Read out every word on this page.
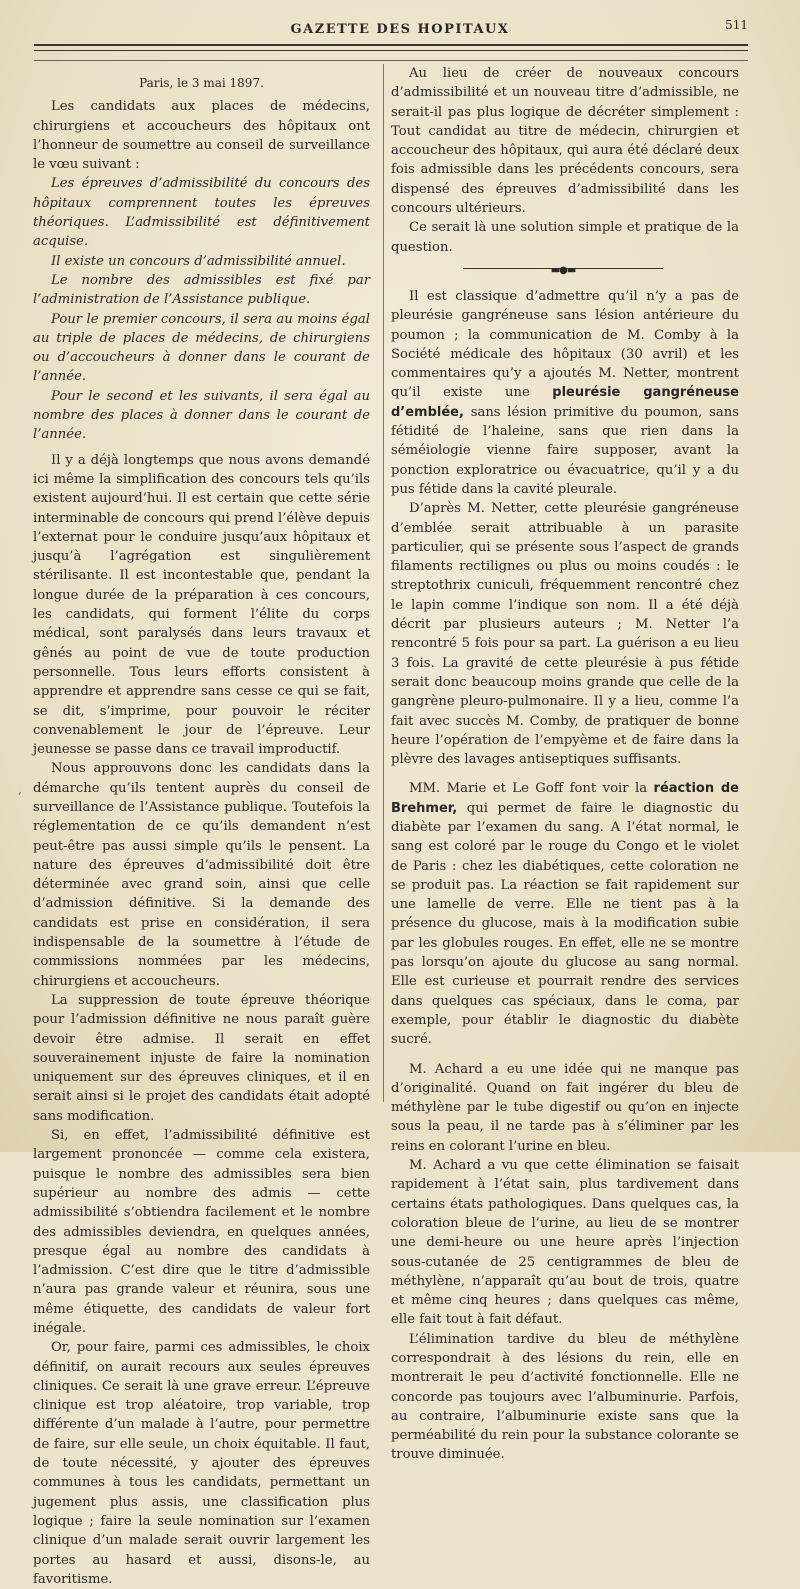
GAZETTE DES HOPITAUX	511
‘
Paris, le 3 mai 1897.

Les candidats aux places de médecins, chirurgiens et accoucheurs des hôpitaux ont l’honneur de soumettre au conseil de surveillance le vœu suivant :

Les épreuves d’admissibilité du concours des hôpitaux comprennent toutes les épreuves théoriques. L’admissibilité est définitivement acquise.

Il existe un concours d’admissibilité annuel.

Le nombre des admissibles est fixé par l’administration de l’Assistance publique.

Pour le premier concours, il sera au moins égal au triple de places de médecins, de chirurgiens ou d’accoucheurs à donner dans le courant de l’année.

Pour le second et les suivants, il sera égal au nombre des places à donner dans le courant de l’année.

Il y a déjà longtemps que nous avons demandé ici même la simplification des concours tels qu’ils existent aujourd’hui. Il est certain que cette série interminable de concours qui prend l’élève depuis l’externat pour le conduire jusqu’aux hôpitaux et jusqu’à l’agrégation est singulièrement stérilisante. Il est incontestable que, pendant la longue durée de la préparation à ces concours, les candidats, qui forment l’élite du corps médical, sont paralysés dans leurs travaux et gênés au point de vue de toute production personnelle. Tous leurs efforts consistent à apprendre et apprendre sans cesse ce qui se fait, se dit, s’imprime, pour pouvoir le réciter convenablement le jour de l’épreuve. Leur jeunesse se passe dans ce travail improductif.

Nous approuvons donc les candidats dans la démarche qu’ils tentent auprès du conseil de surveillance de l’Assistance publique. Toutefois la réglementation de ce qu’ils demandent n’est peut-être pas aussi simple qu’ils le pensent. La nature des épreuves d’admissibilité doit être déterminée avec grand soin, ainsi que celle d’admission définitive. Si la demande des candidats est prise en considération, il sera indispensable de la soumettre à l’étude de commissions nommées par les médecins, chirurgiens et accoucheurs.

La suppression de toute épreuve théorique pour l’admission définitive ne nous paraît guère devoir être admise. Il serait en effet souverainement injuste de faire la nomination uniquement sur des épreuves cliniques, et il en serait ainsi si le projet des candidats était adopté sans modification.

Si, en effet, l’admissibilité définitive est largement prononcée — comme cela existera, puisque le nombre des admissibles sera bien supérieur au nombre des admis — cette admissibilité s’obtiendra facilement et le nombre des admissibles deviendra, en quelques années, presque égal au nombre des candidats à l’admission. C’est dire que le titre d’admissible n’aura pas grande valeur et réunira, sous une même étiquette, des candidats de valeur fort inégale.

Or, pour faire, parmi ces admissibles, le choix définitif, on aurait recours aux seules épreuves cliniques. Ce serait là une grave erreur. L’épreuve clinique est trop aléatoire, trop variable, trop différente d’un malade à l’autre, pour permettre de faire, sur elle seule, un choix équitable. Il faut, de toute nécessité, y ajouter des épreuves communes à tous les candidats, permettant un jugement plus assis, une classification plus logique ; faire la seule nomination sur l’examen clinique d’un malade serait ouvrir largement les portes au hasard et aussi, disons-le, au favoritisme.

Au lieu de créer de nouveaux concours d’admissibilité et un nouveau titre d’admissible, ne serait-il pas plus logique de décréter simplement : Tout candidat au titre de médecin, chirurgien et accoucheur des hôpitaux, qui aura été déclaré deux fois admissible dans les précédents concours, sera dispensé des épreuves d’admissibilité dans les concours ultérieurs.

Ce serait là une solution simple et pratique de la question.

▬●▬

Il est classique d’admettre qu’il n’y a pas de pleurésie gangréneuse sans lésion antérieure du poumon ; la communication de M. Comby à la Société médicale des hôpitaux (30 avril) et les commentaires qu’y a ajoutés M. Netter, montrent qu’il existe une pleurésie gangréneuse d’emblée, sans lésion primitive du poumon, sans fétidité de l’haleine, sans que rien dans la séméiologie vienne faire supposer, avant la ponction exploratrice ou évacuatrice, qu’il y a du pus fétide dans la cavité pleurale.

D’après M. Netter, cette pleurésie gangréneuse d’emblée serait attribuable à un parasite particulier, qui se présente sous l’aspect de grands filaments rectilignes ou plus ou moins coudés : le streptothrix cuniculi, fréquemment rencontré chez le lapin comme l’indique son nom. Il a été déjà décrit par plusieurs auteurs ; M. Netter l’a rencontré 5 fois pour sa part. La guérison a eu lieu 3 fois. La gravité de cette pleurésie à pus fétide serait donc beaucoup moins grande que celle de la gangrène pleuro-pulmonaire. Il y a lieu, comme l’a fait avec succès M. Comby, de pratiquer de bonne heure l’opération de l’empyème et de faire dans la plèvre des lavages antiseptiques suffisants.

MM. Marie et Le Goff font voir la réaction de Brehmer, qui permet de faire le diagnostic du diabète par l’examen du sang. A l’état normal, le sang est coloré par le rouge du Congo et le violet de Paris : chez les diabétiques, cette coloration ne se produit pas. La réaction se fait rapidement sur une lamelle de verre. Elle ne tient pas à la présence du glucose, mais à la modification subie par les globules rouges. En effet, elle ne se montre pas lorsqu’on ajoute du glucose au sang normal. Elle est curieuse et pourrait rendre des services dans quelques cas spéciaux, dans le coma, par exemple, pour établir le diagnostic du diabète sucré.

M. Achard a eu une idée qui ne manque pas d’originalité. Quand on fait ingérer du bleu de méthylène par le tube digestif ou qu’on en injecte sous la peau, il ne tarde pas à s’éliminer par les reins en colorant l’urine en bleu.

M. Achard a vu que cette élimination se faisait rapidement à l’état sain, plus tardivement dans certains états pathologiques. Dans quelques cas, la coloration bleue de l’urine, au lieu de se montrer une demi-heure ou une heure après l’injection sous-cutanée de 25 centigrammes de bleu de méthylène, n’apparaît qu’au bout de trois, quatre et même cinq heures ; dans quelques cas même, elle fait tout à fait défaut.

L’élimination tardive du bleu de méthylène correspondrait à des lésions du rein, elle en montrerait le peu d’activité fonctionnelle. Elle ne concorde pas toujours avec l’albuminurie. Parfois, au contraire, l’albuminurie existe sans que la perméabilité du rein pour la substance colorante se trouve diminuée.
